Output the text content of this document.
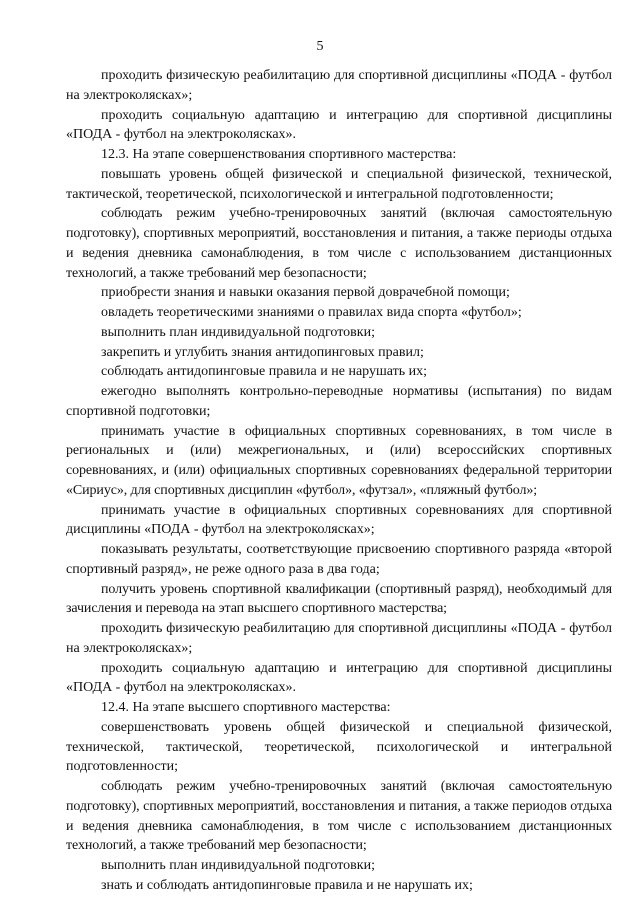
5

проходить физическую реабилитацию для спортивной дисциплины «ПОДА - футбол на электроколясках»;

проходить социальную адаптацию и интеграцию для спортивной дисциплины «ПОДА - футбол на электроколясках».

12.3. На этапе совершенствования спортивного мастерства:

повышать уровень общей физической и специальной физической, технической, тактической, теоретической, психологической и интегральной подготовленности;

соблюдать режим учебно-тренировочных занятий (включая самостоятельную подготовку), спортивных мероприятий, восстановления и питания, а также периоды отдыха и ведения дневника самонаблюдения, в том числе с использованием дистанционных технологий, а также требований мер безопасности;

приобрести знания и навыки оказания первой доврачебной помощи;

овладеть теоретическими знаниями о правилах вида спорта «футбол»;

выполнить план индивидуальной подготовки;

закрепить и углубить знания антидопинговых правил;

соблюдать антидопинговые правила и не нарушать их;

ежегодно выполнять контрольно-переводные нормативы (испытания) по видам спортивной подготовки;

принимать участие в официальных спортивных соревнованиях, в том числе в региональных и (или) межрегиональных, и (или) всероссийских спортивных соревнованиях, и (или) официальных спортивных соревнованиях федеральной территории «Сириус», для спортивных дисциплин «футбол», «футзал», «пляжный футбол»;

принимать участие в официальных спортивных соревнованиях для спортивной дисциплины «ПОДА - футбол на электроколясках»;

показывать результаты, соответствующие присвоению спортивного разряда «второй спортивный разряд», не реже одного раза в два года;

получить уровень спортивной квалификации (спортивный разряд), необходимый для зачисления и перевода на этап высшего спортивного мастерства;

проходить физическую реабилитацию для спортивной дисциплины «ПОДА - футбол на электроколясках»;

проходить социальную адаптацию и интеграцию для спортивной дисциплины «ПОДА - футбол на электроколясках».

12.4. На этапе высшего спортивного мастерства:

совершенствовать уровень общей физической и специальной физической, технической, тактической, теоретической, психологической и интегральной подготовленности;

соблюдать режим учебно-тренировочных занятий (включая самостоятельную подготовку), спортивных мероприятий, восстановления и питания, а также периодов отдыха и ведения дневника самонаблюдения, в том числе с использованием дистанционных технологий, а также требований мер безопасности;

выполнить план индивидуальной подготовки;

знать и соблюдать антидопинговые правила и не нарушать их;
